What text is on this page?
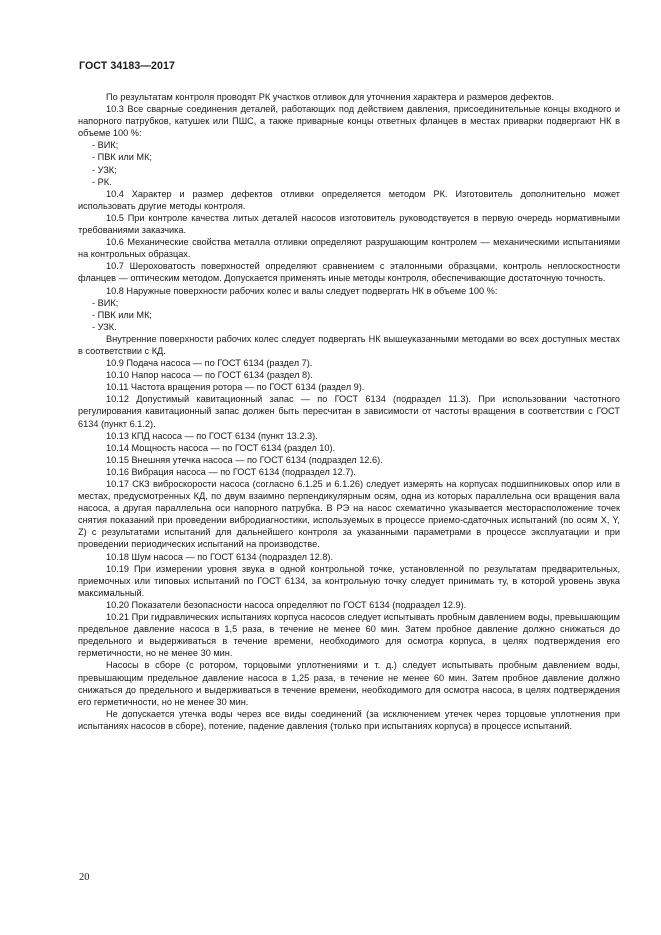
ГОСТ 34183—2017

По результатам контроля проводят РК участков отливок для уточнения характера и размеров дефектов.

10.3 Все сварные соединения деталей, работающих под действием давления, присоединительные концы входного и напорного патрубков, катушек или ПШС, а также приварные концы ответных фланцев в местах приварки подвергают НК в объеме 100 %:

- ВИК;

- ПВК или МК;

- УЗК;

- РК.

10.4 Характер и размер дефектов отливки определяется методом РК. Изготовитель дополнительно может использовать другие методы контроля.

10.5 При контроле качества литых деталей насосов изготовитель руководствуется в первую очередь нормативными требованиями заказчика.

10.6 Механические свойства металла отливки определяют разрушающим контролем — механическими испытаниями на контрольных образцах.

10.7 Шероховатость поверхностей определяют сравнением с эталонными образцами, контроль неплоскостности фланцев — оптическим методом. Допускается применять иные методы контроля, обеспечивающие достаточную точность.

10.8 Наружные поверхности рабочих колес и валы следует подвергать НК в объеме 100 %:

- ВИК;

- ПВК или МК;

- УЗК.

Внутренние поверхности рабочих колес следует подвергать НК вышеуказанными методами во всех доступных местах в соответствии с КД.

10.9 Подача насоса — по ГОСТ 6134 (раздел 7).

10.10 Напор насоса — по ГОСТ 6134 (раздел 8).

10.11 Частота вращения ротора — по ГОСТ 6134 (раздел 9).

10.12 Допустимый кавитационный запас — по ГОСТ 6134 (подраздел 11.3). При использовании частотного регулирования кавитационный запас должен быть пересчитан в зависимости от частоты вращения в соответствии с ГОСТ 6134 (пункт 6.1.2).

10.13 КПД насоса — по ГОСТ 6134 (пункт 13.2.3).

10.14 Мощность насоса — по ГОСТ 6134 (раздел 10).

10.15 Внешняя утечка насоса — по ГОСТ 6134 (подраздел 12.6).

10.16 Вибрация насоса — по ГОСТ 6134 (подраздел 12.7).

10.17 СКЗ виброскорости насоса (согласно 6.1.25 и 6.1.26) следует измерять на корпусах подшипниковых опор или в местах, предусмотренных КД, по двум взаимно перпендикулярным осям, одна из которых параллельна оси вращения вала насоса, а другая параллельна оси напорного патрубка. В РЭ на насос схематично указывается месторасположение точек снятия показаний при проведении вибродиагностики, используемых в процессе приемо-сдаточных испытаний (по осям X, Y, Z) с результатами испытаний для дальнейшего контроля за указанными параметрами в процессе эксплуатации и при проведении периодических испытаний на производстве.

10.18 Шум насоса — по ГОСТ 6134 (подраздел 12.8).

10.19 При измерении уровня звука в одной контрольной точке, установленной по результатам предварительных, приемочных или типовых испытаний по ГОСТ 6134, за контрольную точку следует принимать ту, в которой уровень звука максимальный.

10.20 Показатели безопасности насоса определяют по ГОСТ 6134 (подраздел 12.9).

10.21 При гидравлических испытаниях корпуса насосов следует испытывать пробным давлением воды, превышающим предельное давление насоса в 1,5 раза, в течение не менее 60 мин. Затем пробное давление должно снижаться до предельного и выдерживаться в течение времени, необходимого для осмотра корпуса, в целях подтверждения его герметичности, но не менее 30 мин.

Насосы в сборе (с ротором, торцовыми уплотнениями и т. д.) следует испытывать пробным давлением воды, превышающим предельное давление насоса в 1,25 раза, в течение не менее 60 мин. Затем пробное давление должно снижаться до предельного и выдерживаться в течение времени, необходимого для осмотра насоса, в целях подтверждения его герметичности, но не менее 30 мин.

Не допускается утечка воды через все виды соединений (за исключением утечек через торцовые уплотнения при испытаниях насосов в сборе), потение, падение давления (только при испытаниях корпуса) в процессе испытаний.

20
